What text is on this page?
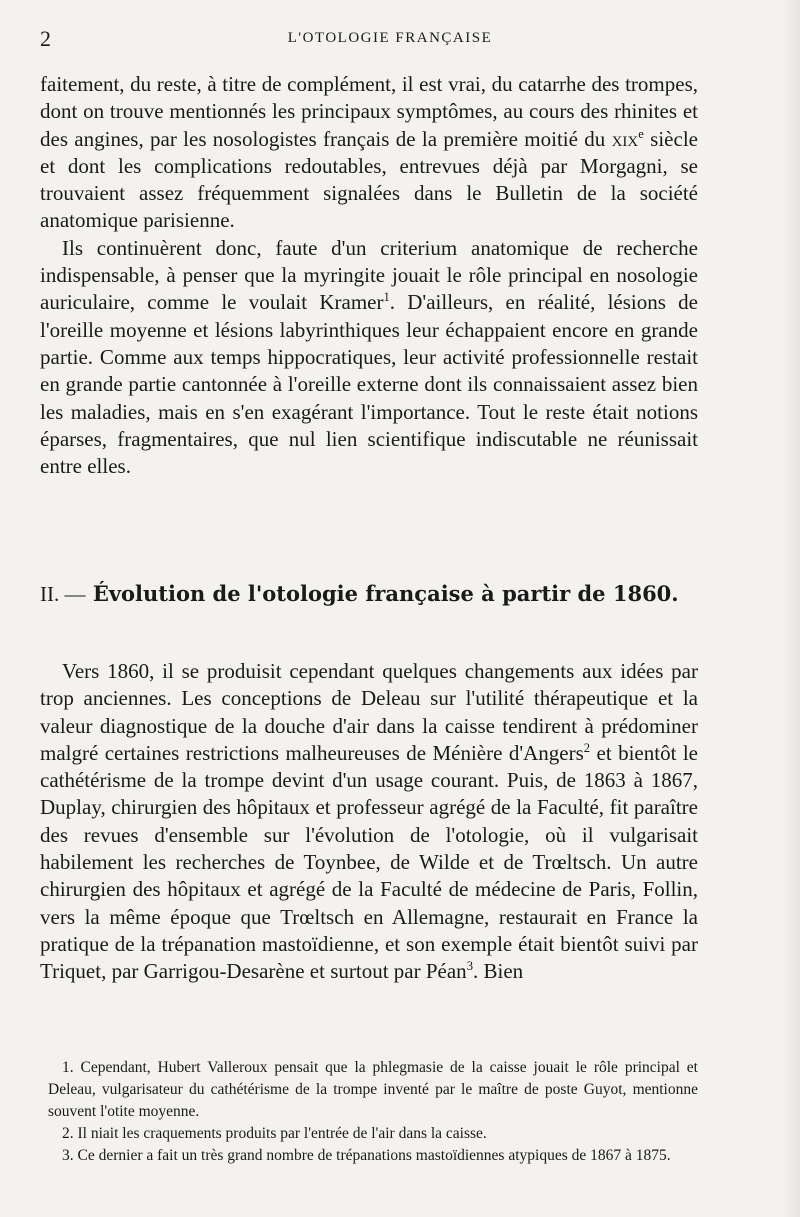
2	L'OTOLOGIE FRANÇAISE

faitement, du reste, à titre de complément, il est vrai, du catarrhe des trompes, dont on trouve mentionnés les principaux symptômes, au cours des rhinites et des angines, par les nosologistes français de la première moitié du xix$^e$ siècle et dont les complications redoutables, entrevues déjà par Morgagni, se trouvaient assez fréquemment signalées dans le Bulletin de la société anatomique parisienne.

Ils continuèrent donc, faute d'un criterium anatomique de recherche indispensable, à penser que la myringite jouait le rôle principal en nosologie auriculaire, comme le voulait Kramer$^1$. D'ailleurs, en réalité, lésions de l'oreille moyenne et lésions labyrinthiques leur échappaient encore en grande partie. Comme aux temps hippocratiques, leur activité professionnelle restait en grande partie cantonnée à l'oreille externe dont ils connaissaient assez bien les maladies, mais en s'en exagérant l'importance. Tout le reste était notions éparses, fragmentaires, que nul lien scientifique indiscutable ne réunissait entre elles.

II. — Évolution de l'otologie française à partir de 1860.

Vers 1860, il se produisit cependant quelques changements aux idées par trop anciennes. Les conceptions de Deleau sur l'utilité thérapeutique et la valeur diagnostique de la douche d'air dans la caisse tendirent à prédominer malgré certaines restrictions malheureuses de Ménière d'Angers$^2$ et bientôt le cathétérisme de la trompe devint d'un usage courant. Puis, de 1863 à 1867, Duplay, chirurgien des hôpitaux et professeur agrégé de la Faculté, fit paraître des revues d'ensemble sur l'évolution de l'otologie, où il vulgarisait habilement les recherches de Toynbee, de Wilde et de Trœltsch. Un autre chirurgien des hôpitaux et agrégé de la Faculté de médecine de Paris, Follin, vers la même époque que Trœltsch en Allemagne, restaurait en France la pratique de la trépanation mastoïdienne, et son exemple était bientôt suivi par Triquet, par Garrigou-Desarène et surtout par Péan$^3$. Bien

1. Cependant, Hubert Valleroux pensait que la phlegmasie de la caisse jouait le rôle principal et Deleau, vulgarisateur du cathétérisme de la trompe inventé par le maître de poste Guyot, mentionne souvent l'otite moyenne.

2. Il niait les craquements produits par l'entrée de l'air dans la caisse.

3. Ce dernier a fait un très grand nombre de trépanations mastoïdiennes atypiques de 1867 à 1875.
